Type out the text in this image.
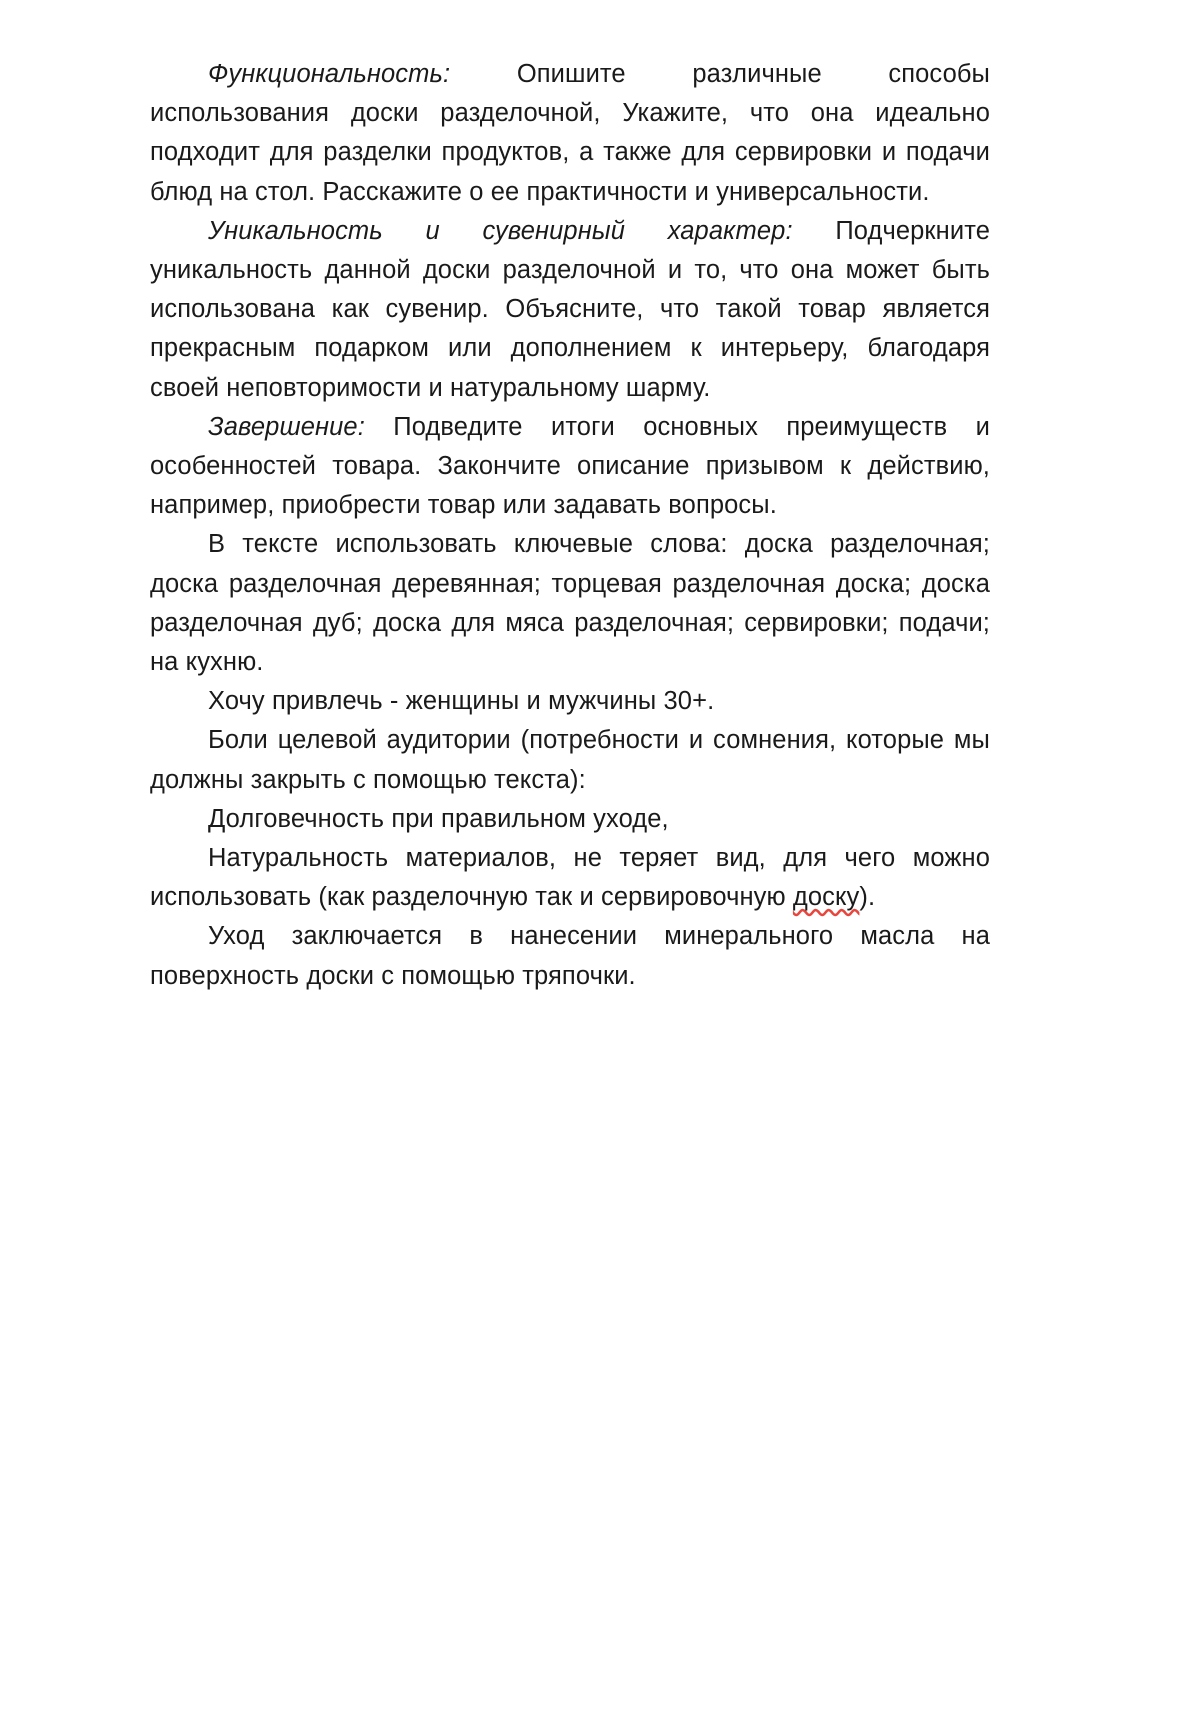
Функциональность: Опишите различные способы использования доски разделочной, Укажите, что она идеально подходит для разделки продуктов, а также для сервировки и подачи блюд на стол. Расскажите о ее практичности и универсальности.

Уникальность и сувенирный характер: Подчеркните уникальность данной доски разделочной и то, что она может быть использована как сувенир. Объясните, что такой товар является прекрасным подарком или дополнением к интерьеру, благодаря своей неповторимости и натуральному шарму.

Завершение: Подведите итоги основных преимуществ и особенностей товара. Закончите описание призывом к действию, например, приобрести товар или задавать вопросы.

В тексте использовать ключевые слова: доска разделочная; доска разделочная деревянная; торцевая разделочная доска; доска разделочная дуб; доска для мяса разделочная; сервировки; подачи; на кухню.

Хочу привлечь - женщины и мужчины 30+.

Боли целевой аудитории (потребности и сомнения, которые мы должны закрыть с помощью текста):

Долговечность при правильном уходе,

Натуральность материалов, не теряет вид, для чего можно использовать (как разделочную так и сервировочную доску).

Уход заключается в нанесении минерального масла на поверхность доски с помощью тряпочки.
